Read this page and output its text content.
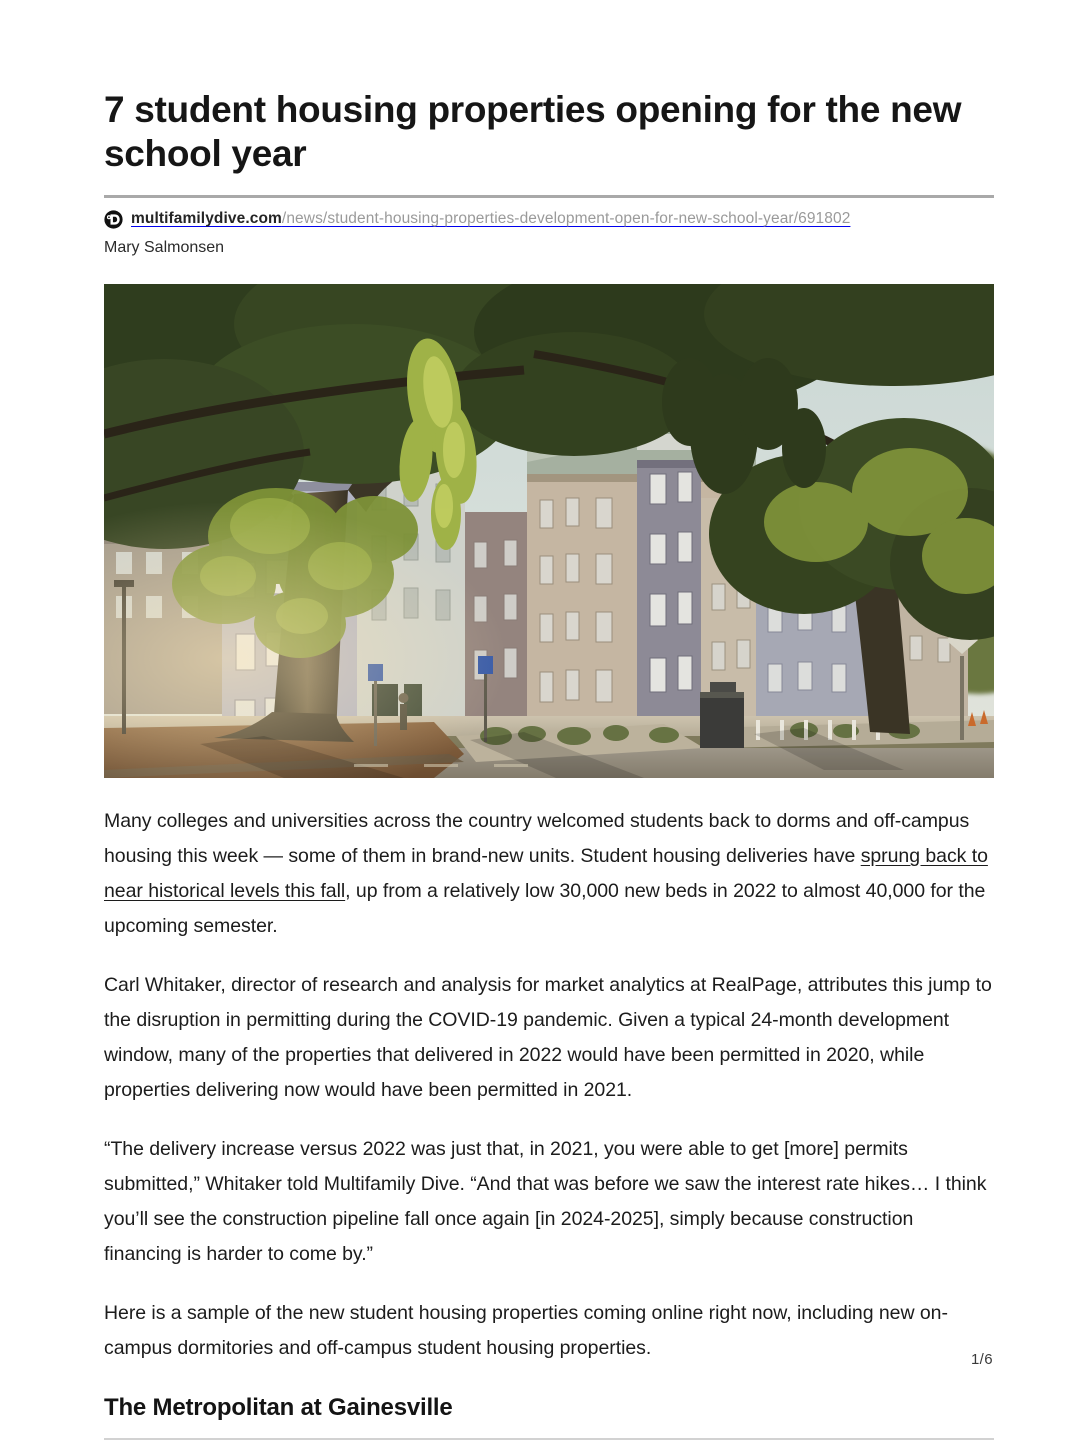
7 student housing properties opening for the new school year
multifamilydive.com/news/student-housing-properties-development-open-for-new-school-year/691802
Mary Salmonsen

Many colleges and universities across the country welcomed students back to dorms and off-campus housing this week — some of them in brand-new units. Student housing deliveries have sprung back to near historical levels this fall, up from a relatively low 30,000 new beds in 2022 to almost 40,000 for the upcoming semester.

Carl Whitaker, director of research and analysis for market analytics at RealPage, attributes this jump to the disruption in permitting during the COVID-19 pandemic. Given a typical 24-month development window, many of the properties that delivered in 2022 would have been permitted in 2020, while properties delivering now would have been permitted in 2021.

“The delivery increase versus 2022 was just that, in 2021, you were able to get [more] permits submitted,” Whitaker told Multifamily Dive. “And that was before we saw the interest rate hikes… I think you’ll see the construction pipeline fall once again [in 2024-2025], simply because construction financing is harder to come by.”

Here is a sample of the new student housing properties coming online right now, including new on-campus dormitories and off-campus student housing properties.

The Metropolitan at Gainesville
1/6
